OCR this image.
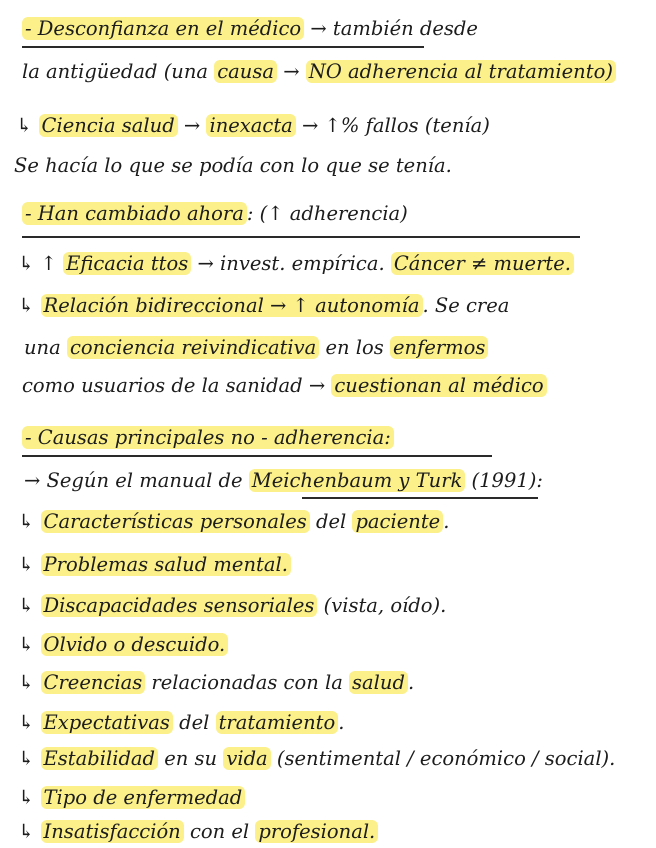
- Desconfianza en el médico → también desde
la antigüedad (una causa → NO adherencia al tratamiento)
↳ Ciencia salud → inexacta → ↑% fallos (tenía)
Se hacía lo que se podía con lo que se tenía.
- Han cambiado ahora : (↑ adherencia)
↳ ↑ Eficacia ttos → invest. empírica. Cáncer ≠ muerte.
↳ Relación bidireccional → ↑ autonomía . Se crea
una conciencia reivindicativa en los enfermos
como usuarios de la sanidad → cuestionan al médico
- Causas principales no - adherencia:
→ Según el manual de Meichenbaum y Turk (1991):
↳ Características personales del paciente .
↳ Problemas salud mental.
↳ Discapacidades sensoriales (vista, oído).
↳ Olvido o descuido.
↳ Creencias relacionadas con la salud .
↳ Expectativas del tratamiento .
↳ Estabilidad en su vida (sentimental / económico / social).
↳ Tipo de enfermedad
↳ Insatisfacción con el profesional.
